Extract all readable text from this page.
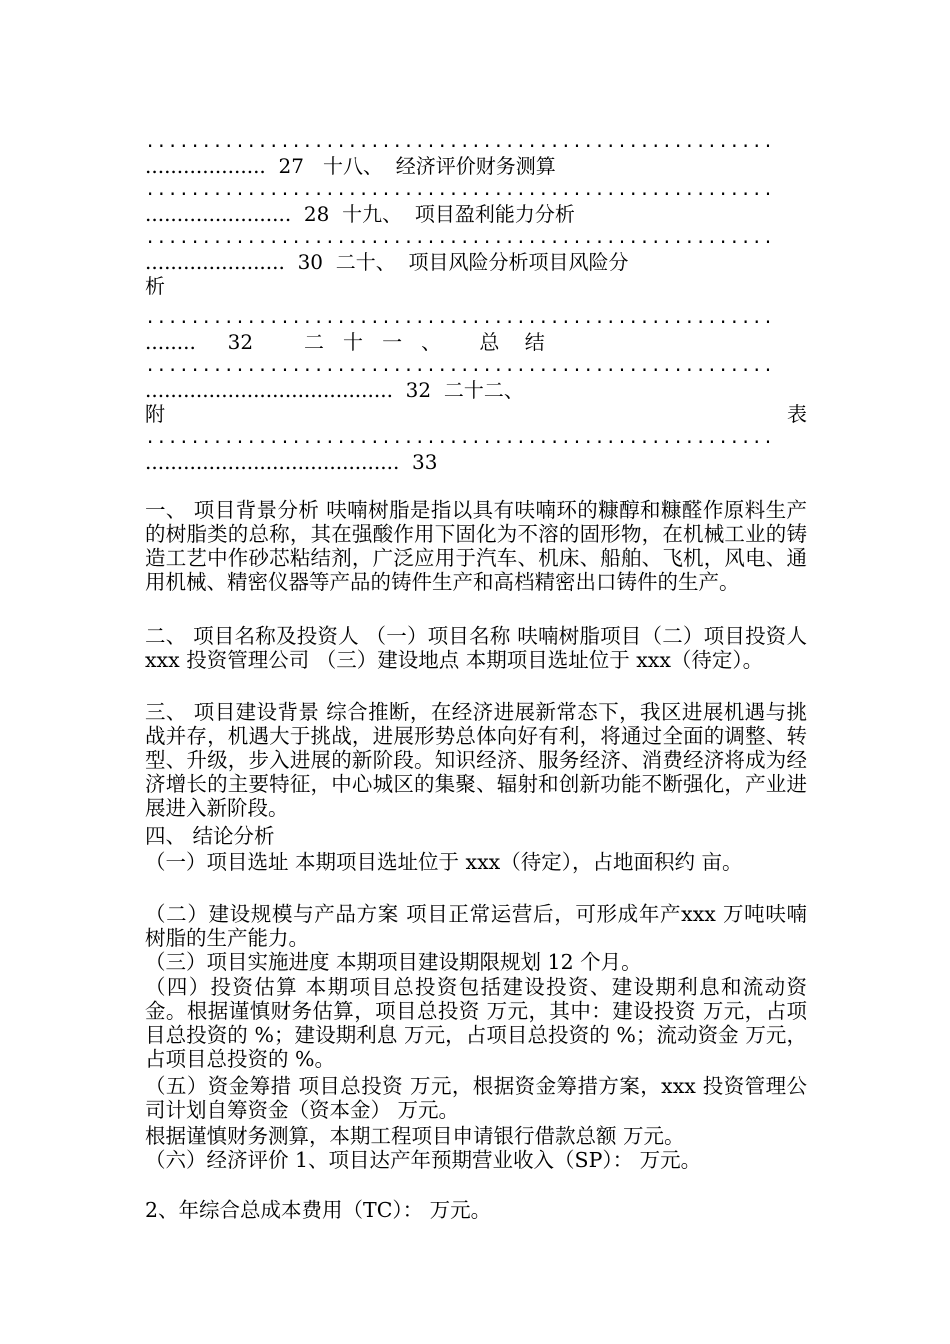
........................................................
...................  27   十八、  经济评价财务测算
........................................................
.......................  28  十九、  项目盈利能力分析
........................................................
......................  30  二十、  项目风险分析项目风险分
析
........................................................
........     32        二   十   一   、      总    结
........................................................
.......................................  32  二十二、
附	表
........................................................
........................................  33
一、 项目背景分析 呋喃树脂是指以具有呋喃环的糠醇和糠醛作原料生产的树脂类的总称，其在强酸作用下固化为不溶的固形物，在机械工业的铸造工艺中作砂芯粘结剂，广泛应用于汽车、机床、船舶、飞机，风电、通用机械、精密仪器等产品的铸件生产和高档精密出口铸件的生产。
二、 项目名称及投资人 （一）项目名称 呋喃树脂项目（二）项目投资人 xxx 投资管理公司 （三）建设地点 本期项目选址位于 xxx（待定）。
三、 项目建设背景 综合推断，在经济进展新常态下，我区进展机遇与挑战并存，机遇大于挑战，进展形势总体向好有利，将通过全面的调整、转型、升级，步入进展的新阶段。知识经济、服务经济、消费经济将成为经济增长的主要特征，中心城区的集聚、辐射和创新功能不断强化，产业进展进入新阶段。
四、 结论分析
（一）项目选址 本期项目选址位于 xxx（待定），占地面积约 亩。
（二）建设规模与产品方案 项目正常运营后，可形成年产xxx 万吨呋喃树脂的生产能力。
（三）项目实施进度 本期项目建设期限规划 12 个月。
（四）投资估算 本期项目总投资包括建设投资、建设期利息和流动资金。根据谨慎财务估算，项目总投资 万元，其中：建设投资 万元，占项目总投资的 %；建设期利息 万元，占项目总投资的 %；流动资金 万元，占项目总投资的 %。
（五）资金筹措 项目总投资 万元，根据资金筹措方案，xxx 投资管理公司计划自筹资金（资本金） 万元。
根据谨慎财务测算，本期工程项目申请银行借款总额 万元。
（六）经济评价 1、项目达产年预期营业收入（SP）： 万元。
2、年综合总成本费用（TC）： 万元。
